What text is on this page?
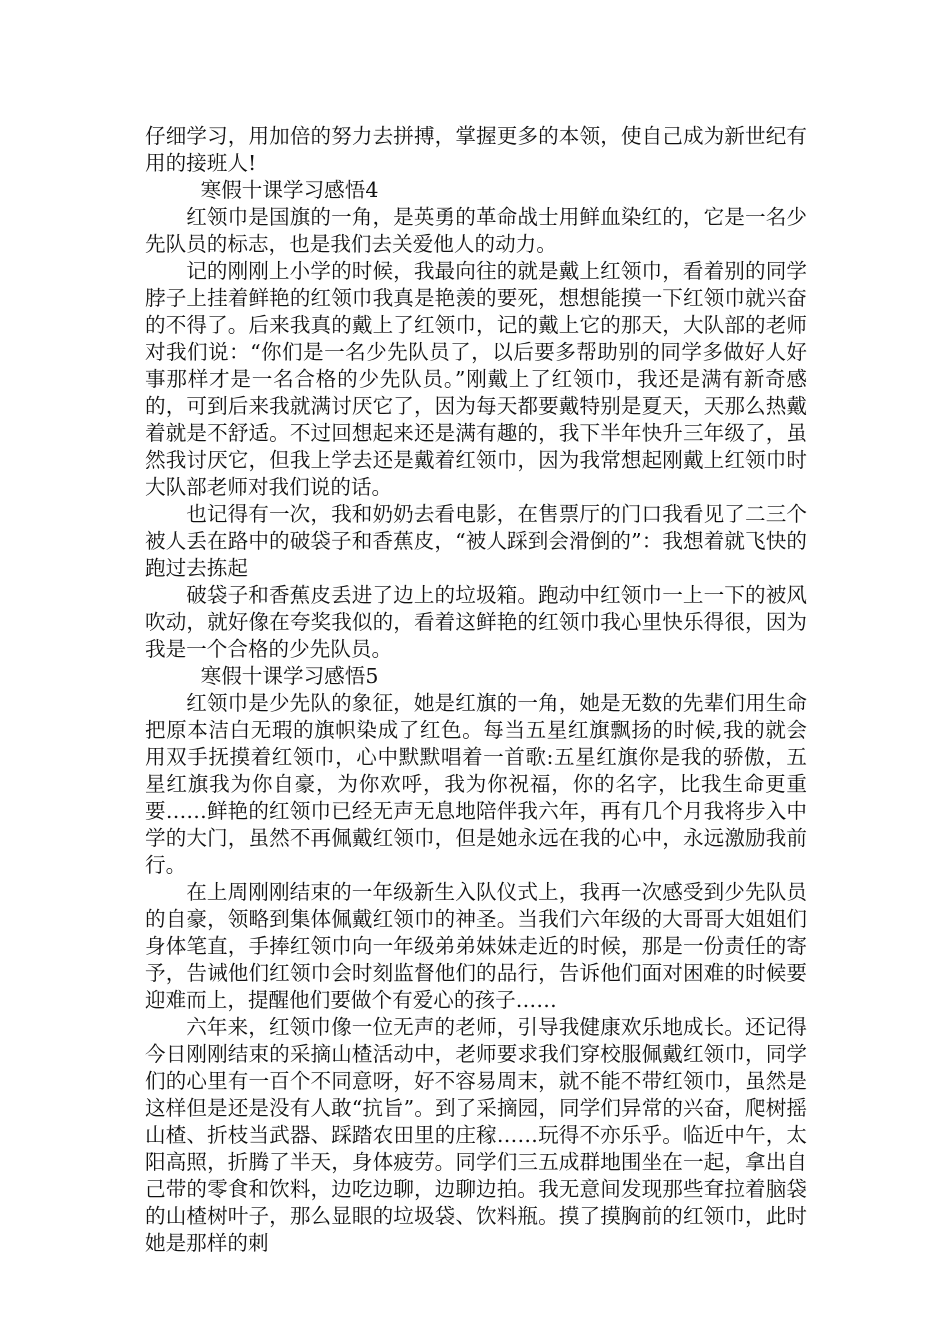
仔细学习，用加倍的努力去拼搏，掌握更多的本领，使自己成为新世纪有用的接班人!

寒假十课学习感悟4

红领巾是国旗的一角，是英勇的革命战士用鲜血染红的，它是一名少先队员的标志，也是我们去关爱他人的动力。

记的刚刚上小学的时候，我最向往的就是戴上红领巾，看着别的同学脖子上挂着鲜艳的红领巾我真是艳羡的要死，想想能摸一下红领巾就兴奋的不得了。后来我真的戴上了红领巾，记的戴上它的那天，大队部的老师对我们说：“你们是一名少先队员了，以后要多帮助别的同学多做好人好事那样才是一名合格的少先队员。”刚戴上了红领巾，我还是满有新奇感的，可到后来我就满讨厌它了，因为每天都要戴特别是夏天，天那么热戴着就是不舒适。不过回想起来还是满有趣的，我下半年快升三年级了，虽然我讨厌它，但我上学去还是戴着红领巾，因为我常想起刚戴上红领巾时大队部老师对我们说的话。

也记得有一次，我和奶奶去看电影，在售票厅的门口我看见了二三个被人丢在路中的破袋子和香蕉皮，“被人踩到会滑倒的”：我想着就飞快的跑过去拣起

破袋子和香蕉皮丢进了边上的垃圾箱。跑动中红领巾一上一下的被风吹动，就好像在夸奖我似的，看着这鲜艳的红领巾我心里快乐得很，因为我是一个合格的少先队员。

寒假十课学习感悟5

红领巾是少先队的象征，她是红旗的一角，她是无数的先辈们用生命把原本洁白无瑕的旗帜染成了红色。每当五星红旗飘扬的时候,我的就会用双手抚摸着红领巾，心中默默唱着一首歌:五星红旗你是我的骄傲，五星红旗我为你自豪，为你欢呼，我为你祝福，你的名字，比我生命更重要……鲜艳的红领巾已经无声无息地陪伴我六年，再有几个月我将步入中学的大门，虽然不再佩戴红领巾，但是她永远在我的心中，永远激励我前行。

在上周刚刚结束的一年级新生入队仪式上，我再一次感受到少先队员的自豪，领略到集体佩戴红领巾的神圣。当我们六年级的大哥哥大姐姐们身体笔直，手捧红领巾向一年级弟弟妹妹走近的时候，那是一份责任的寄予，告诫他们红领巾会时刻监督他们的品行，告诉他们面对困难的时候要迎难而上，提醒他们要做个有爱心的孩子……

六年来，红领巾像一位无声的老师，引导我健康欢乐地成长。还记得今日刚刚结束的采摘山楂活动中，老师要求我们穿校服佩戴红领巾，同学们的心里有一百个不同意呀，好不容易周末，就不能不带红领巾，虽然是这样但是还是没有人敢“抗旨”。到了采摘园，同学们异常的兴奋，爬树摇山楂、折枝当武器、踩踏农田里的庄稼……玩得不亦乐乎。临近中午，太阳高照，折腾了半天，身体疲劳。同学们三五成群地围坐在一起，拿出自己带的零食和饮料，边吃边聊，边聊边拍。我无意间发现那些耷拉着脑袋的山楂树叶子，那么显眼的垃圾袋、饮料瓶。摸了摸胸前的红领巾，此时她是那样的刺
